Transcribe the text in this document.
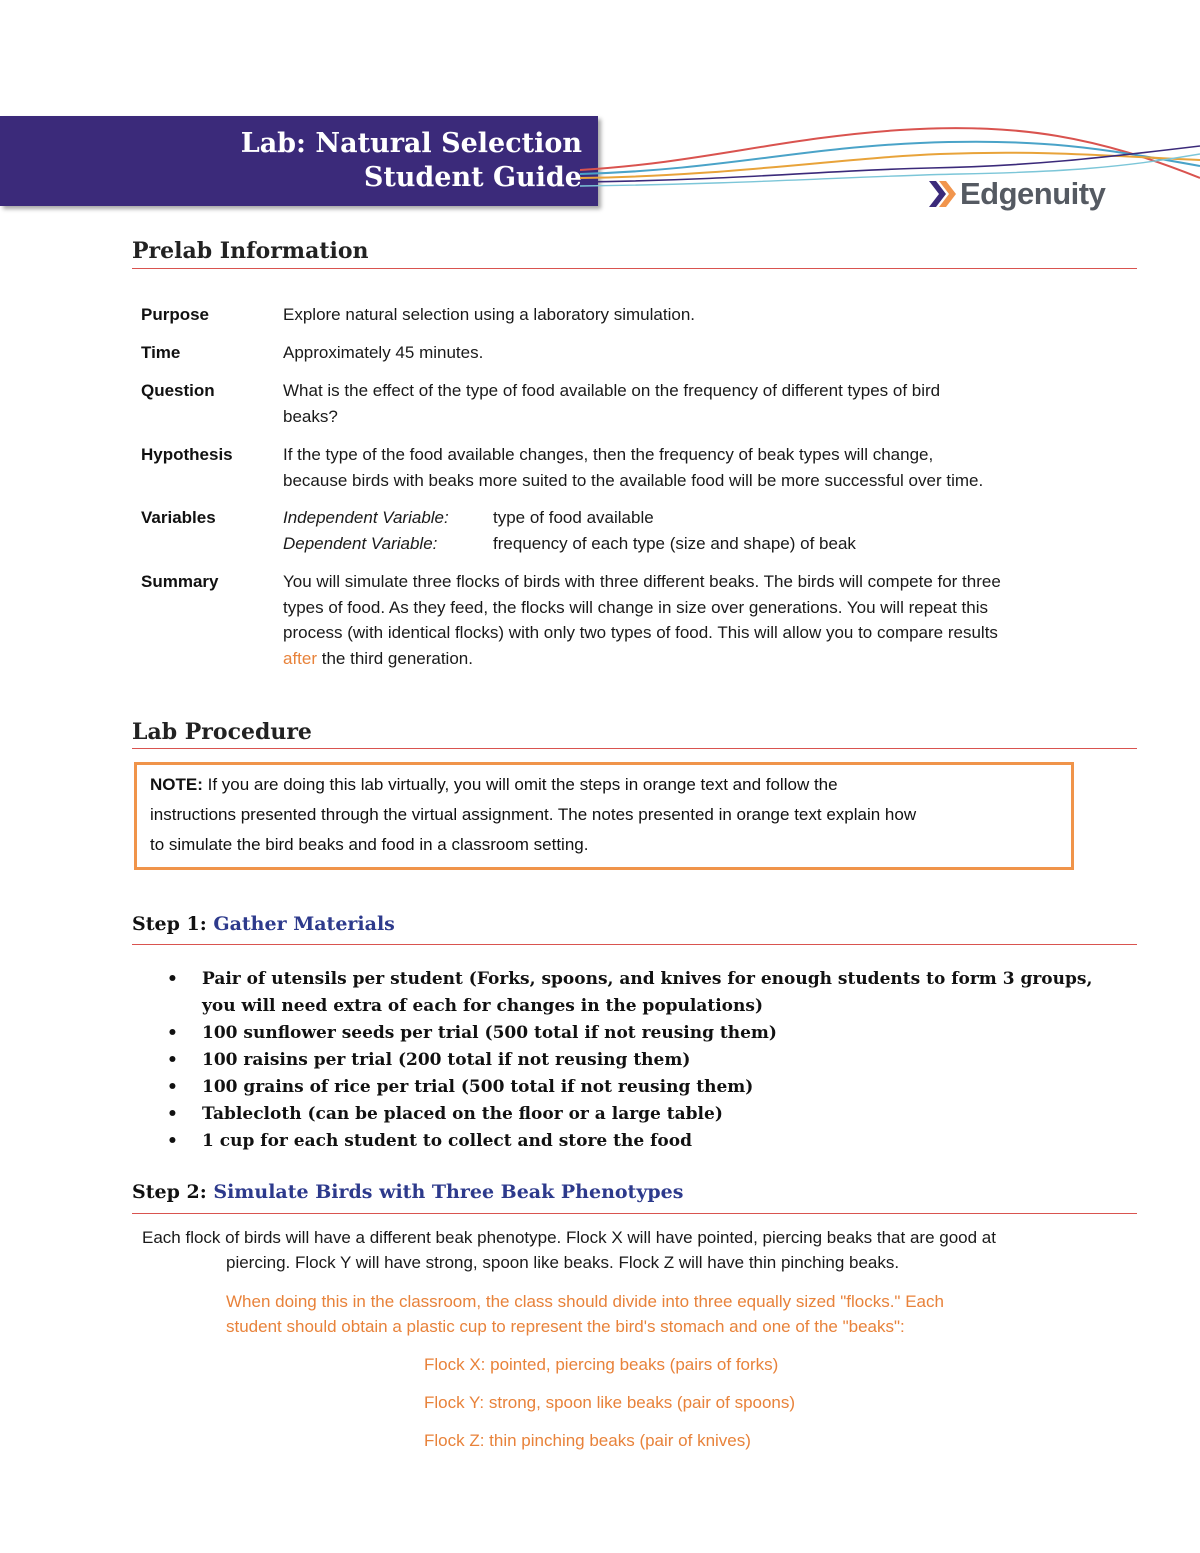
Lab: Natural Selection
Student Guide	Edgenuity
Prelab Information
Purpose	Explore natural selection using a laboratory simulation.
Time	Approximately 45 minutes.
Question	What is the effect of the type of food available on the frequency of different types of bird
beaks?
Hypothesis	If the type of the food available changes, then the frequency of beak types will change,
because birds with beaks more suited to the available food will be more successful over time.
Variables	Independent Variable:	type of food available
Dependent Variable:	frequency of each type (size and shape) of beak
Summary	You will simulate three flocks of birds with three different beaks. The birds will compete for three
types of food. As they feed, the flocks will change in size over generations. You will repeat this
process (with identical flocks) with only two types of food. This will allow you to compare results
after the third generation.
Lab Procedure
NOTE: If you are doing this lab virtually, you will omit the steps in orange text and follow the
instructions presented through the virtual assignment. The notes presented in orange text explain how
to simulate the bird beaks and food in a classroom setting.
Step 1: Gather Materials
• Pair of utensils per student (Forks, spoons, and knives for enough students to form 3 groups, you will need extra of each for changes in the populations)
• 100 sunflower seeds per trial (500 total if not reusing them)
• 100 raisins per trial (200 total if not reusing them)
• 100 grains of rice per trial (500 total if not reusing them)
• Tablecloth (can be placed on the floor or a large table)
• 1 cup for each student to collect and store the food
Step 2: Simulate Birds with Three Beak Phenotypes
Each flock of birds will have a different beak phenotype. Flock X will have pointed, piercing beaks that are good at
piercing. Flock Y will have strong, spoon like beaks. Flock Z will have thin pinching beaks.
When doing this in the classroom, the class should divide into three equally sized "flocks." Each
student should obtain a plastic cup to represent the bird's stomach and one of the "beaks":
Flock X: pointed, piercing beaks (pairs of forks)
Flock Y: strong, spoon like beaks (pair of spoons)
Flock Z: thin pinching beaks (pair of knives)
